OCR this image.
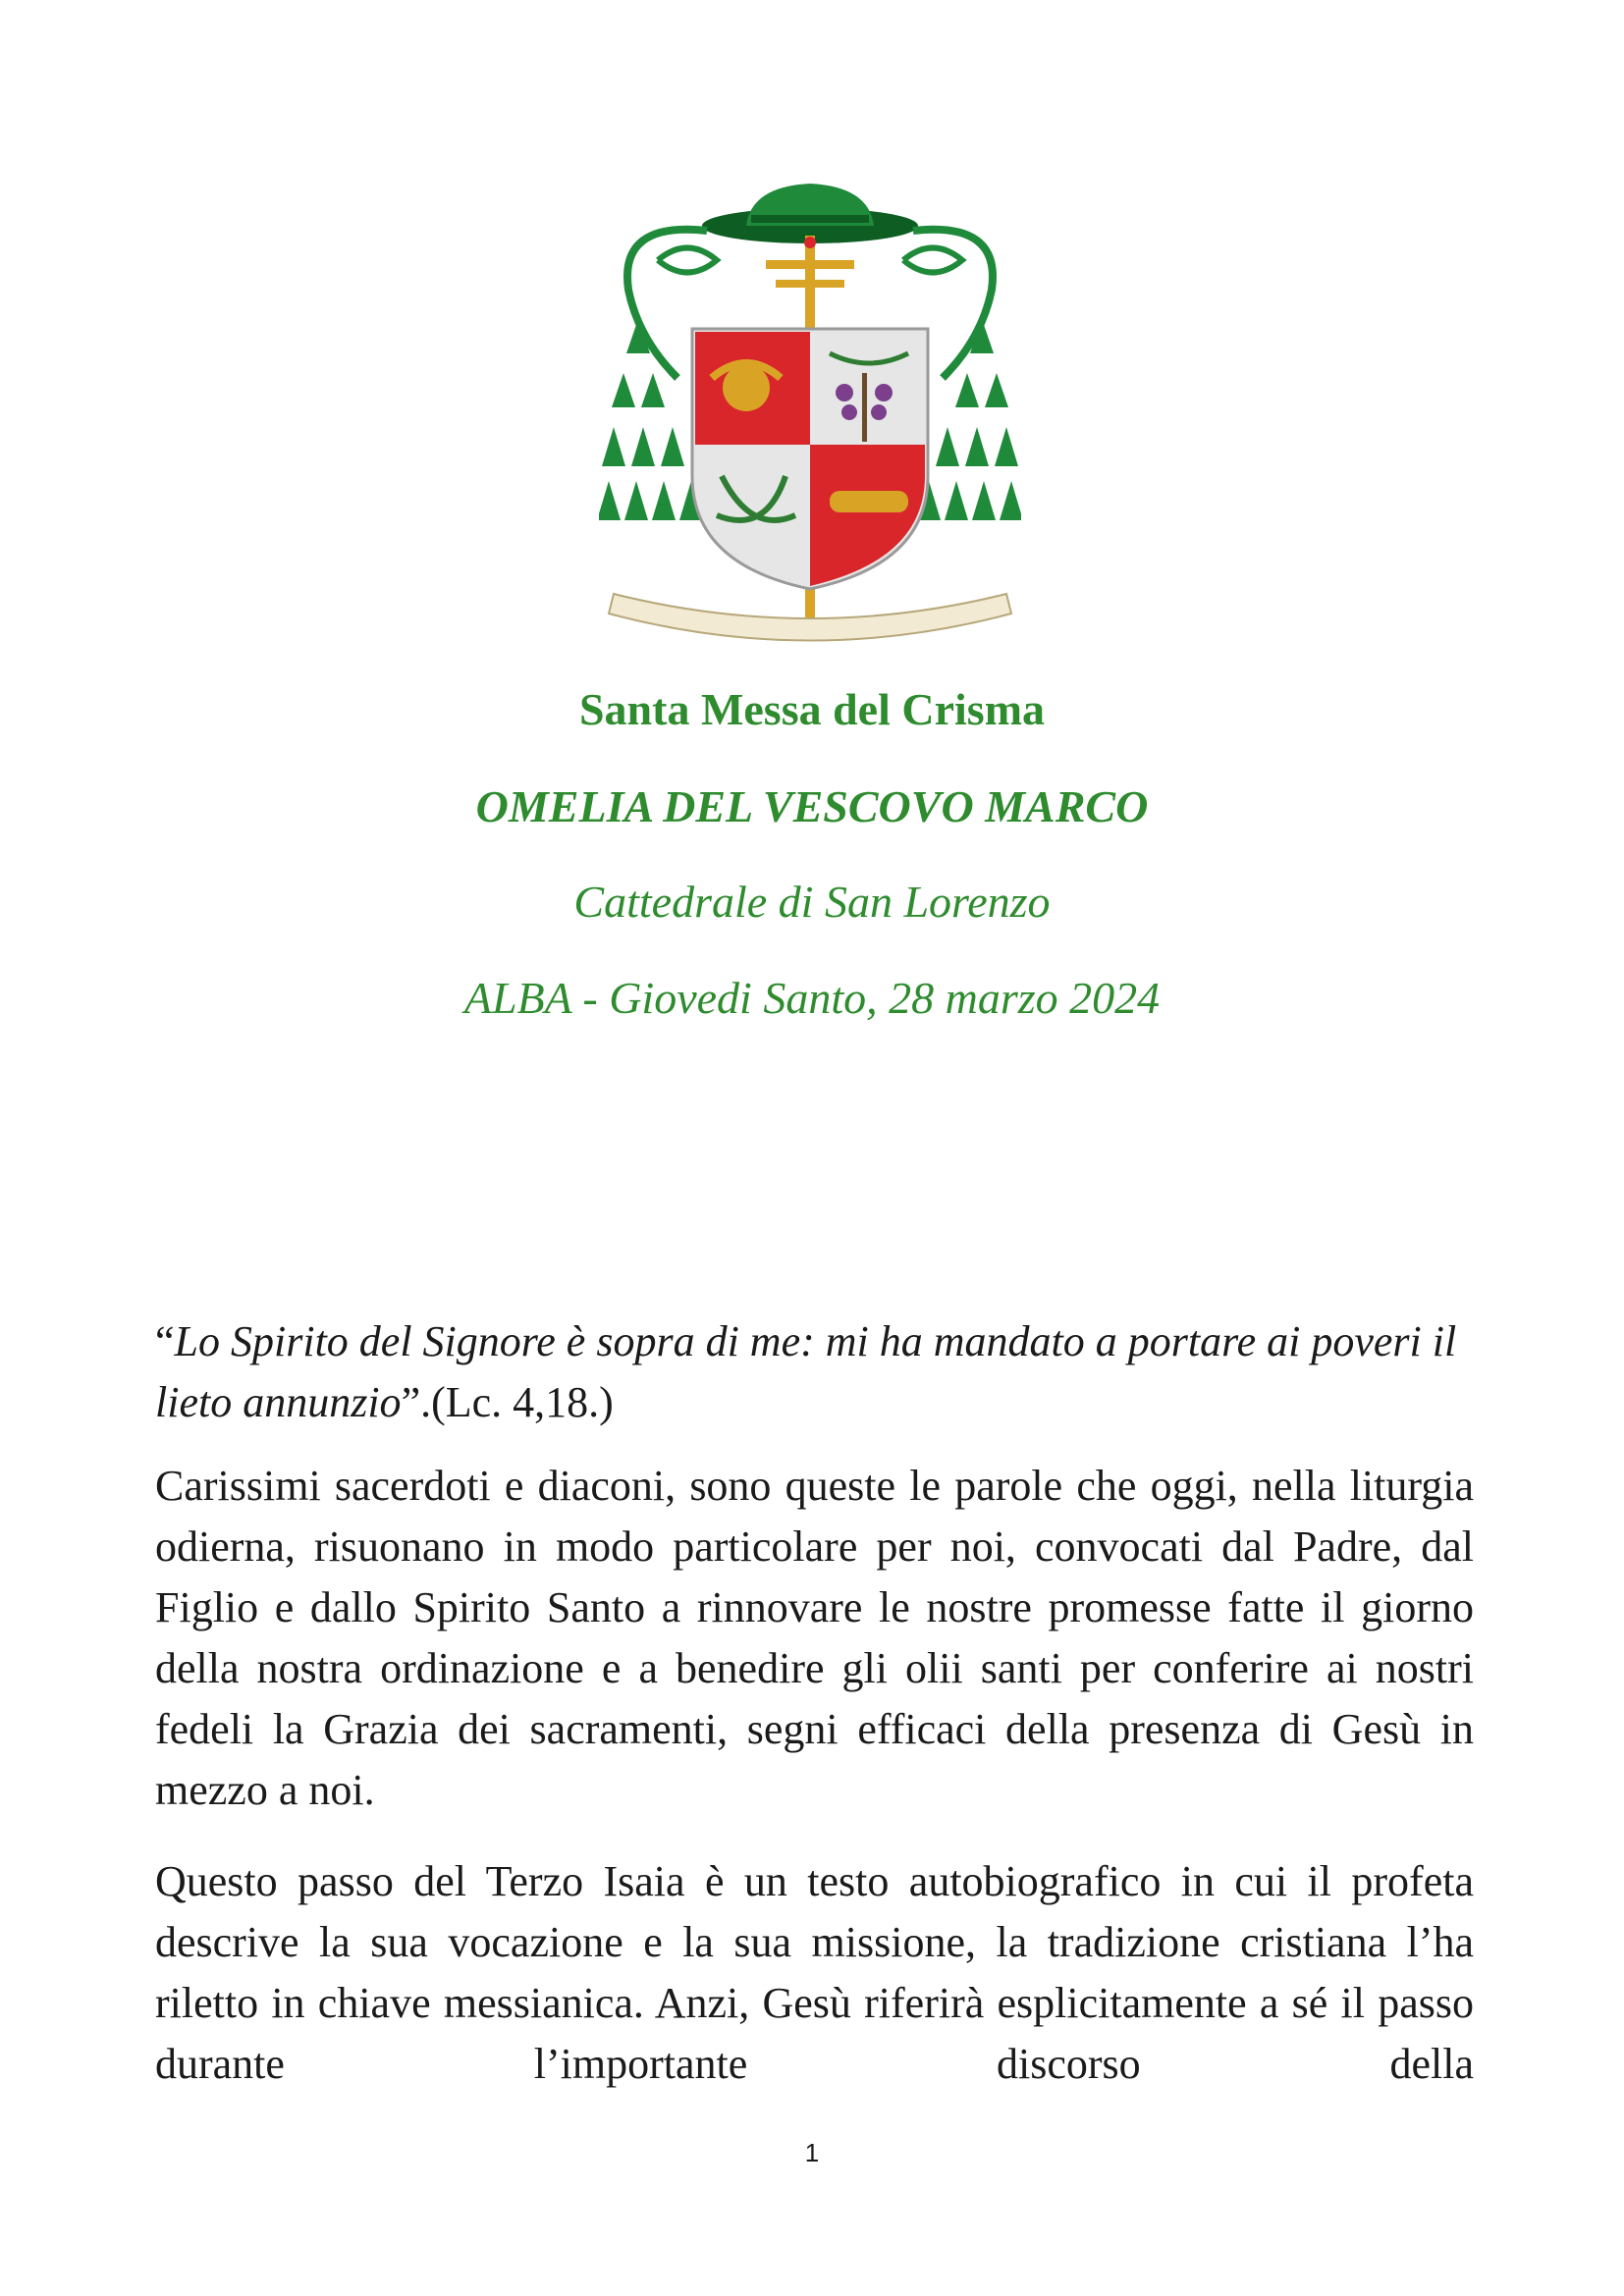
Santa Messa del Crisma
OMELIA DEL VESCOVO MARCO
Cattedrale di San Lorenzo
ALBA - Giovedi Santo, 28 marzo 2024
“Lo Spirito del Signore è sopra di me: mi ha mandato a portare ai poveri il lieto annunzio”.(Lc. 4,18.)

Carissimi sacerdoti e diaconi, sono queste le parole che oggi, nella liturgia odierna, risuonano in modo particolare per noi, convocati dal Padre, dal Figlio e dallo Spirito Santo a rinnovare le nostre promesse fatte il giorno della nostra ordinazione e a benedire gli olii santi per conferire ai nostri fedeli la Grazia dei sacramenti, segni efficaci della presenza di Gesù in mezzo a noi.

Questo passo del Terzo Isaia è un testo autobiografico in cui il profeta descrive la sua vocazione e la sua missione, la tradizione cristiana l’ha riletto in chiave messianica. Anzi, Gesù riferirà esplicitamente a sé il passo durante l’importante discorso della

1
